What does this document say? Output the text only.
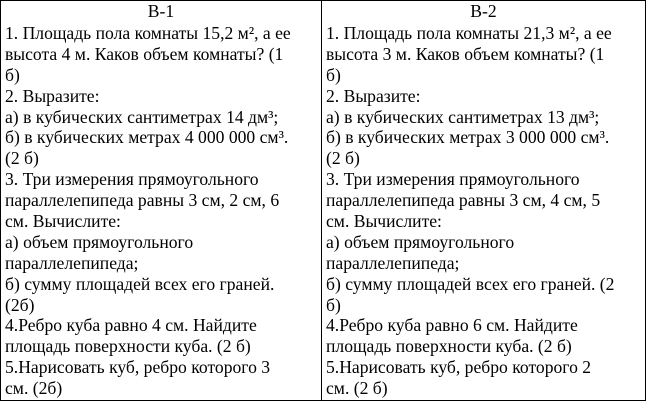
В-1
1. Площадь пола комнаты 15,2 м², а ее
высота 4 м. Каков объем комнаты? (1
б)
2. Выразите:
а) в кубических сантиметрах 14 дм³;
б) в кубических метрах 4 000 000 см³.
(2 б)
3. Три измерения прямоугольного
параллелепипеда равны 3 см, 2 см, 6
см. Вычислите:
а) объем прямоугольного
параллелепипеда;
б) сумму площадей всех его граней.
(2б)
4.Ребро куба равно 4 см. Найдите
площадь поверхности куба. (2 б)
5.Нарисовать куб, ребро которого 3
см. (2б)
В-2
1. Площадь пола комнаты 21,3 м², а ее
высота 3 м. Каков объем комнаты? (1
б)
2. Выразите:
а) в кубических сантиметрах 13 дм³;
б) в кубических метрах 3 000 000 см³.
(2 б)
3. Три измерения прямоугольного
параллелепипеда равны 3 см, 4 см, 5
см. Вычислите:
а) объем прямоугольного
параллелепипеда;
б) сумму площадей всех его граней. (2
б)
4.Ребро куба равно 6 см. Найдите
площадь поверхности куба. (2 б)
5.Нарисовать куб, ребро которого 2
см. (2 б)
